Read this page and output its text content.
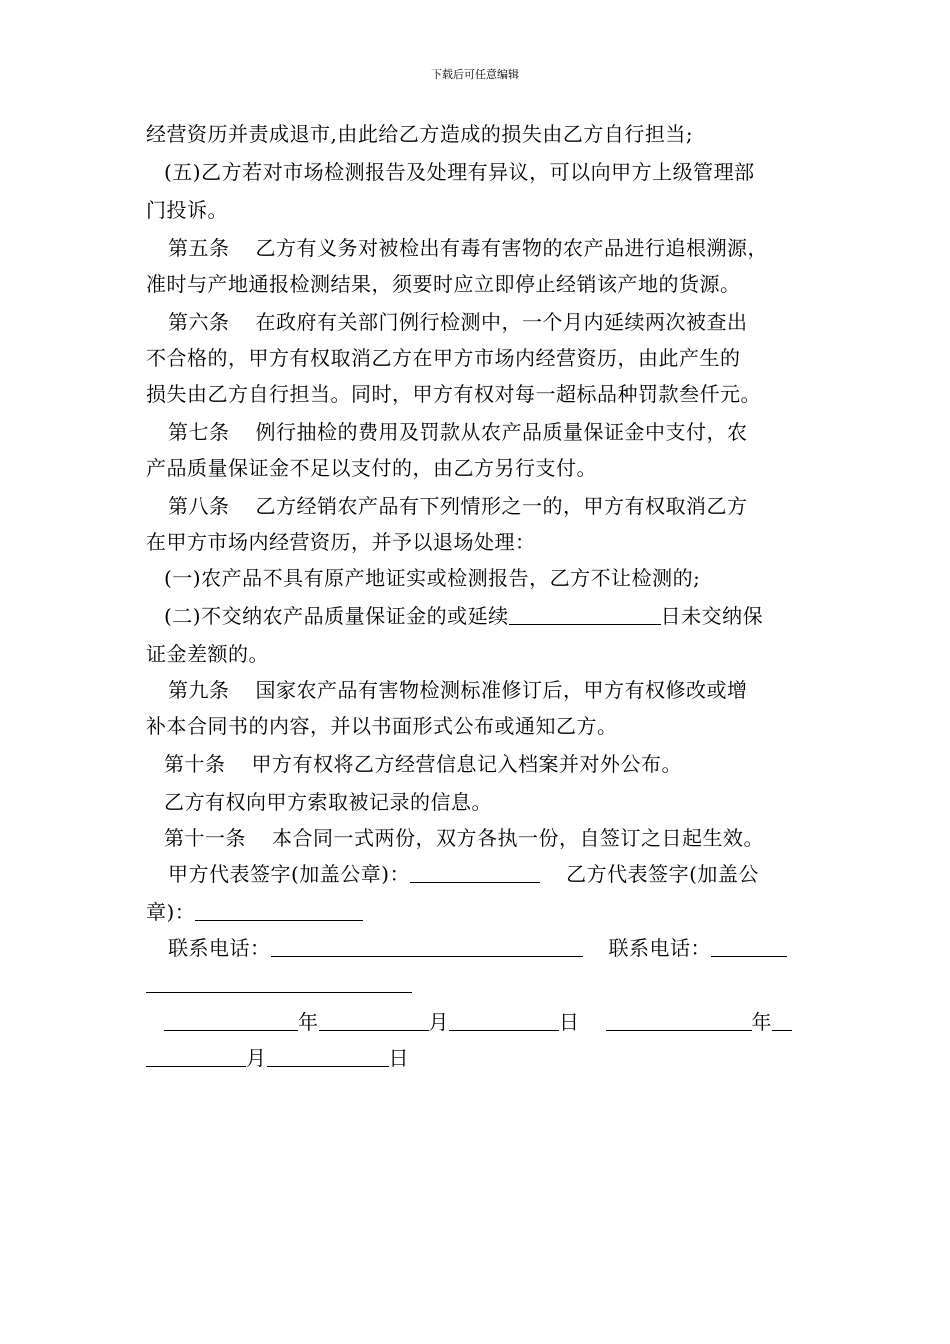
下载后可任意编辑
经营资历并责成退市,由此给乙方造成的损失由乙方自行担当;
(五)乙方若对市场检测报告及处理有异议，可以向甲方上级管理部
门投诉。
第五条 乙方有义务对被检出有毒有害物的农产品进行追根溯源，
准时与产地通报检测结果，须要时应立即停止经销该产地的货源。
第六条 在政府有关部门例行检测中，一个月内延续两次被查出
不合格的，甲方有权取消乙方在甲方市场内经营资历，由此产生的
损失由乙方自行担当。同时，甲方有权对每一超标品种罚款叁仟元。
第七条 例行抽检的费用及罚款从农产品质量保证金中支付，农
产品质量保证金不足以支付的，由乙方另行支付。
第八条 乙方经销农产品有下列情形之一的，甲方有权取消乙方
在甲方市场内经营资历，并予以退场处理：
(一)农产品不具有原产地证实或检测报告，乙方不让检测的;
(二)不交纳农产品质量保证金的或延续	日未交纳保
证金差额的。
第九条 国家农产品有害物检测标准修订后，甲方有权修改或增
补本合同书的内容，并以书面形式公布或通知乙方。
第十条 甲方有权将乙方经营信息记入档案并对外公布。
乙方有权向甲方索取被记录的信息。
第十一条 本合同一式两份，双方各执一份，自签订之日起生效。
甲方代表签字(加盖公章)：	乙方代表签字(加盖公
章)：
联系电话：	联系电话：
年	月	日	年
月	日
